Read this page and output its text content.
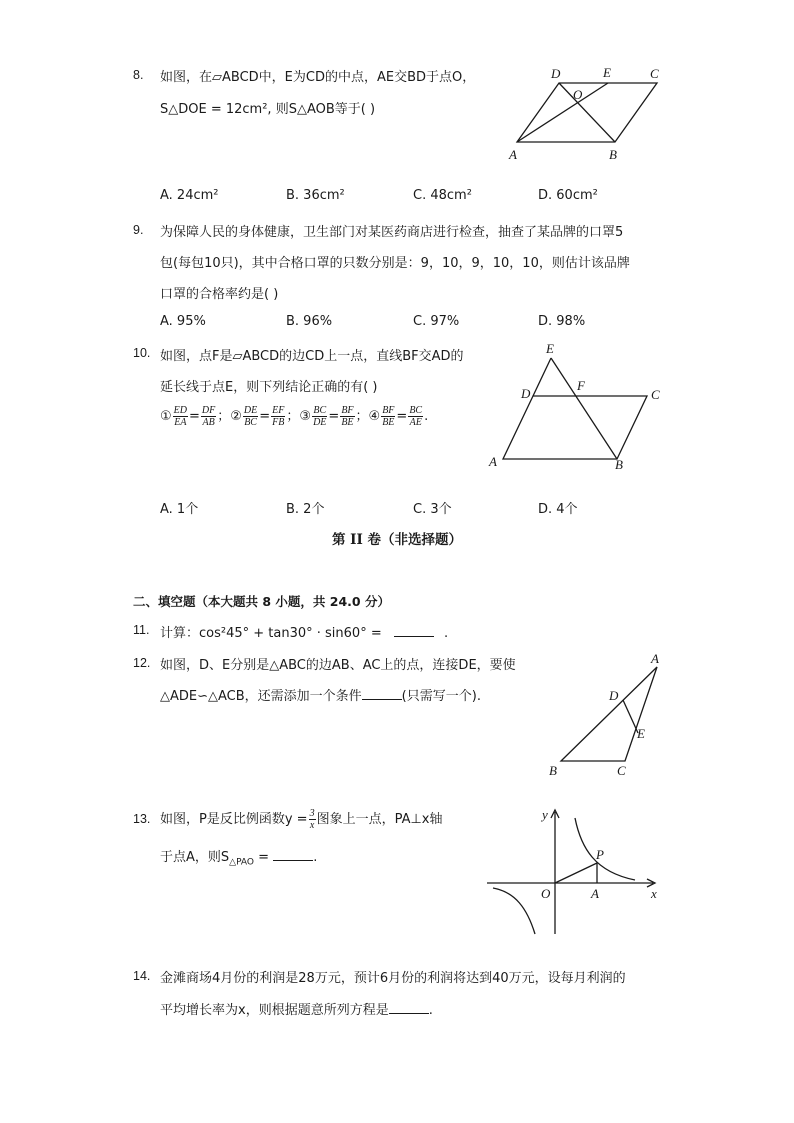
8. 如图，在▱ABCD中，E为CD的中点，AE交BD于点O，
S△DOE = 12cm², 则S△AOB等于( )
D	E	C
O
A	B
A. 24cm²	B. 36cm²	C. 48cm²	D. 60cm²
9. 为保障人民的身体健康，卫生部门对某医药商店进行检查，抽查了某品牌的口罩5
包(每包10只)，其中合格口罩的只数分别是：9，10，9，10，10，则估计该品牌
口罩的合格率约是( )
A. 95%	B. 96%	C. 97%	D. 98%
10. 如图，点F是▱ABCD的边CD上一点，直线BF交AD的
延长线于点E，则下列结论正确的有( )
① $\frac{ED}{EA} = \frac{DF}{AB}$ ；② $\frac{DE}{BC} = \frac{EF}{FB}$ ；③ $\frac{BC}{DE} = \frac{BF}{BE}$ ；④ $\frac{BF}{BE} = \frac{BC}{AE}$ .
E
D
F
C
A	B
A. 1个	B. 2个	C. 3个	D. 4个
第 II 卷（非选择题）
二、填空题（本大题共 8 小题，共 24.0 分）
11. 计算：cos²45° + tan30° · sin60° =	.
12. 如图，D、E分别是△ABC的边AB、AC上的点，连接DE，要使
△ADE∽△ACB，还需添加一个条件	(只需写一个).
A
D
E
B	C
13. 如图，P是反比例函数$y = \frac{3}{x}$ 图象上一点，PA⊥x轴
于点A，则$S_{\triangle PAO}$ =	.
y
x
O
P
A
14. 金滩商场4月份的利润是28万元，预计6月份的利润将达到40万元，设每月利润的
平均增长率为x，则根据题意所列方程是	.
